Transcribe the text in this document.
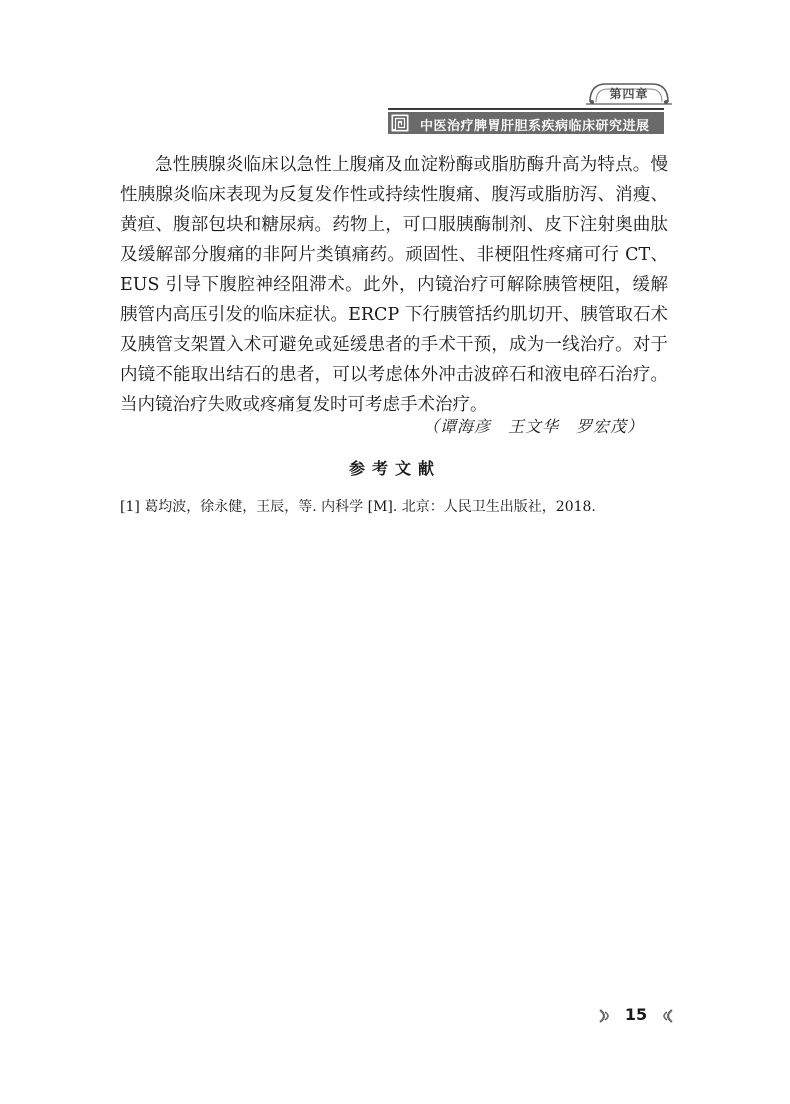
第四章
中医治疗脾胃肝胆系疾病临床研究进展

急性胰腺炎临床以急性上腹痛及血淀粉酶或脂肪酶升高为特点。慢性胰腺炎临床表现为反复发作性或持续性腹痛、腹泻或脂肪泻、消瘦、黄疸、腹部包块和糖尿病。药物上，可口服胰酶制剂、皮下注射奥曲肽及缓解部分腹痛的非阿片类镇痛药。顽固性、非梗阻性疼痛可行 CT、EUS 引导下腹腔神经阻滞术。此外，内镜治疗可解除胰管梗阻，缓解胰管内高压引发的临床症状。ERCP 下行胰管括约肌切开、胰管取石术及胰管支架置入术可避免或延缓患者的手术干预，成为一线治疗。对于内镜不能取出结石的患者，可以考虑体外冲击波碎石和液电碎石治疗。当内镜治疗失败或疼痛复发时可考虑手术治疗。

（谭海彦　王文华　罗宏茂）
参考文献
[1] 葛均波，徐永健，王辰，等. 内科学 [M]. 北京：人民卫生出版社，2018.
15
